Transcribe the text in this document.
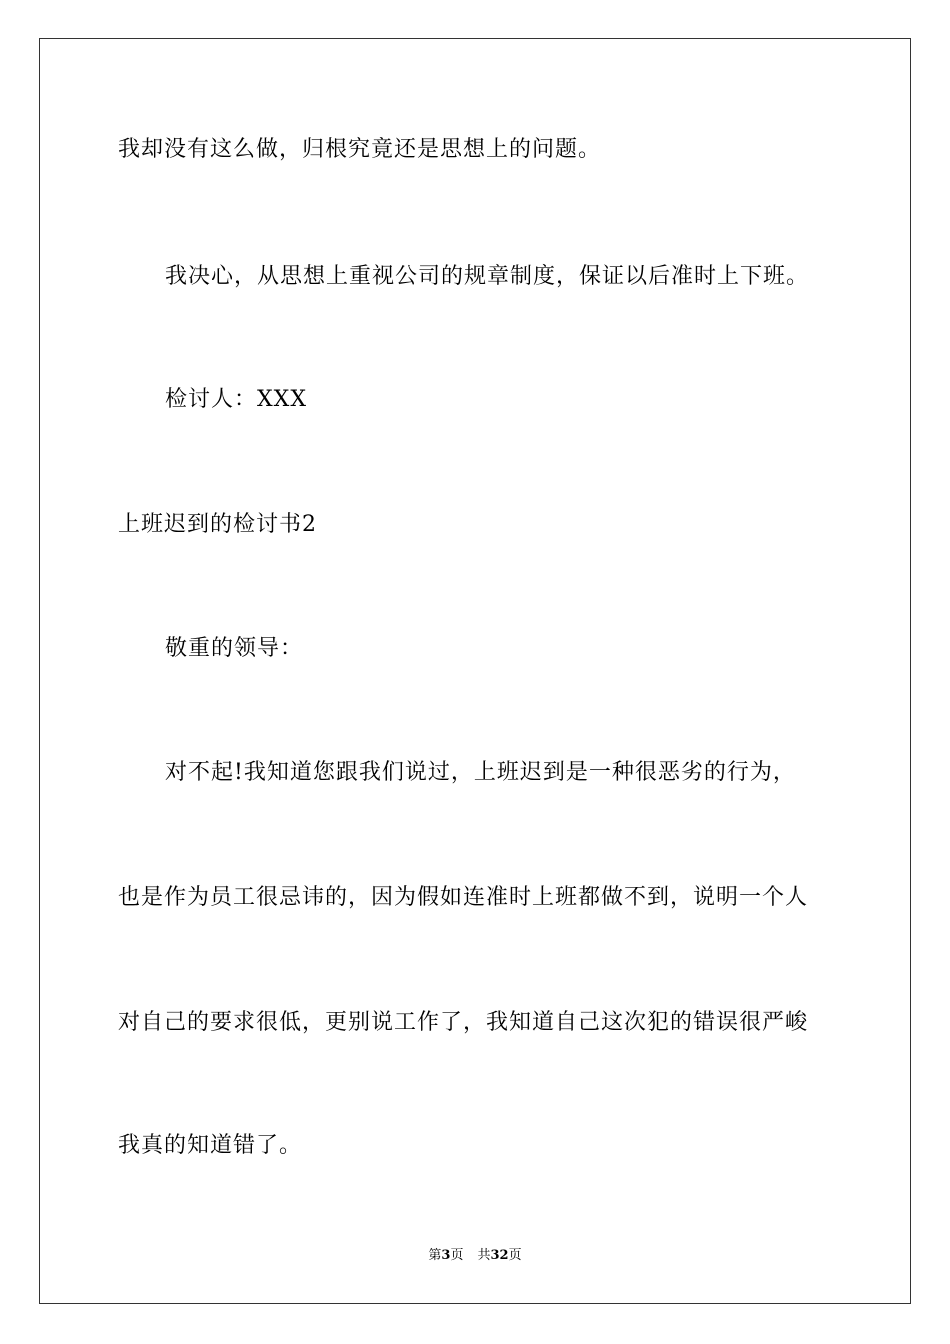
我却没有这么做，归根究竟还是思想上的问题。
我决心，从思想上重视公司的规章制度，保证以后准时上下班。
检讨人：XXX
上班迟到的检讨书2
敬重的领导：
对不起!我知道您跟我们说过，上班迟到是一种很恶劣的行为，
也是作为员工很忌讳的，因为假如连准时上班都做不到，说明一个人
对自己的要求很低，更别说工作了，我知道自己这次犯的错误很严峻
我真的知道错了。
第3页 共32页
